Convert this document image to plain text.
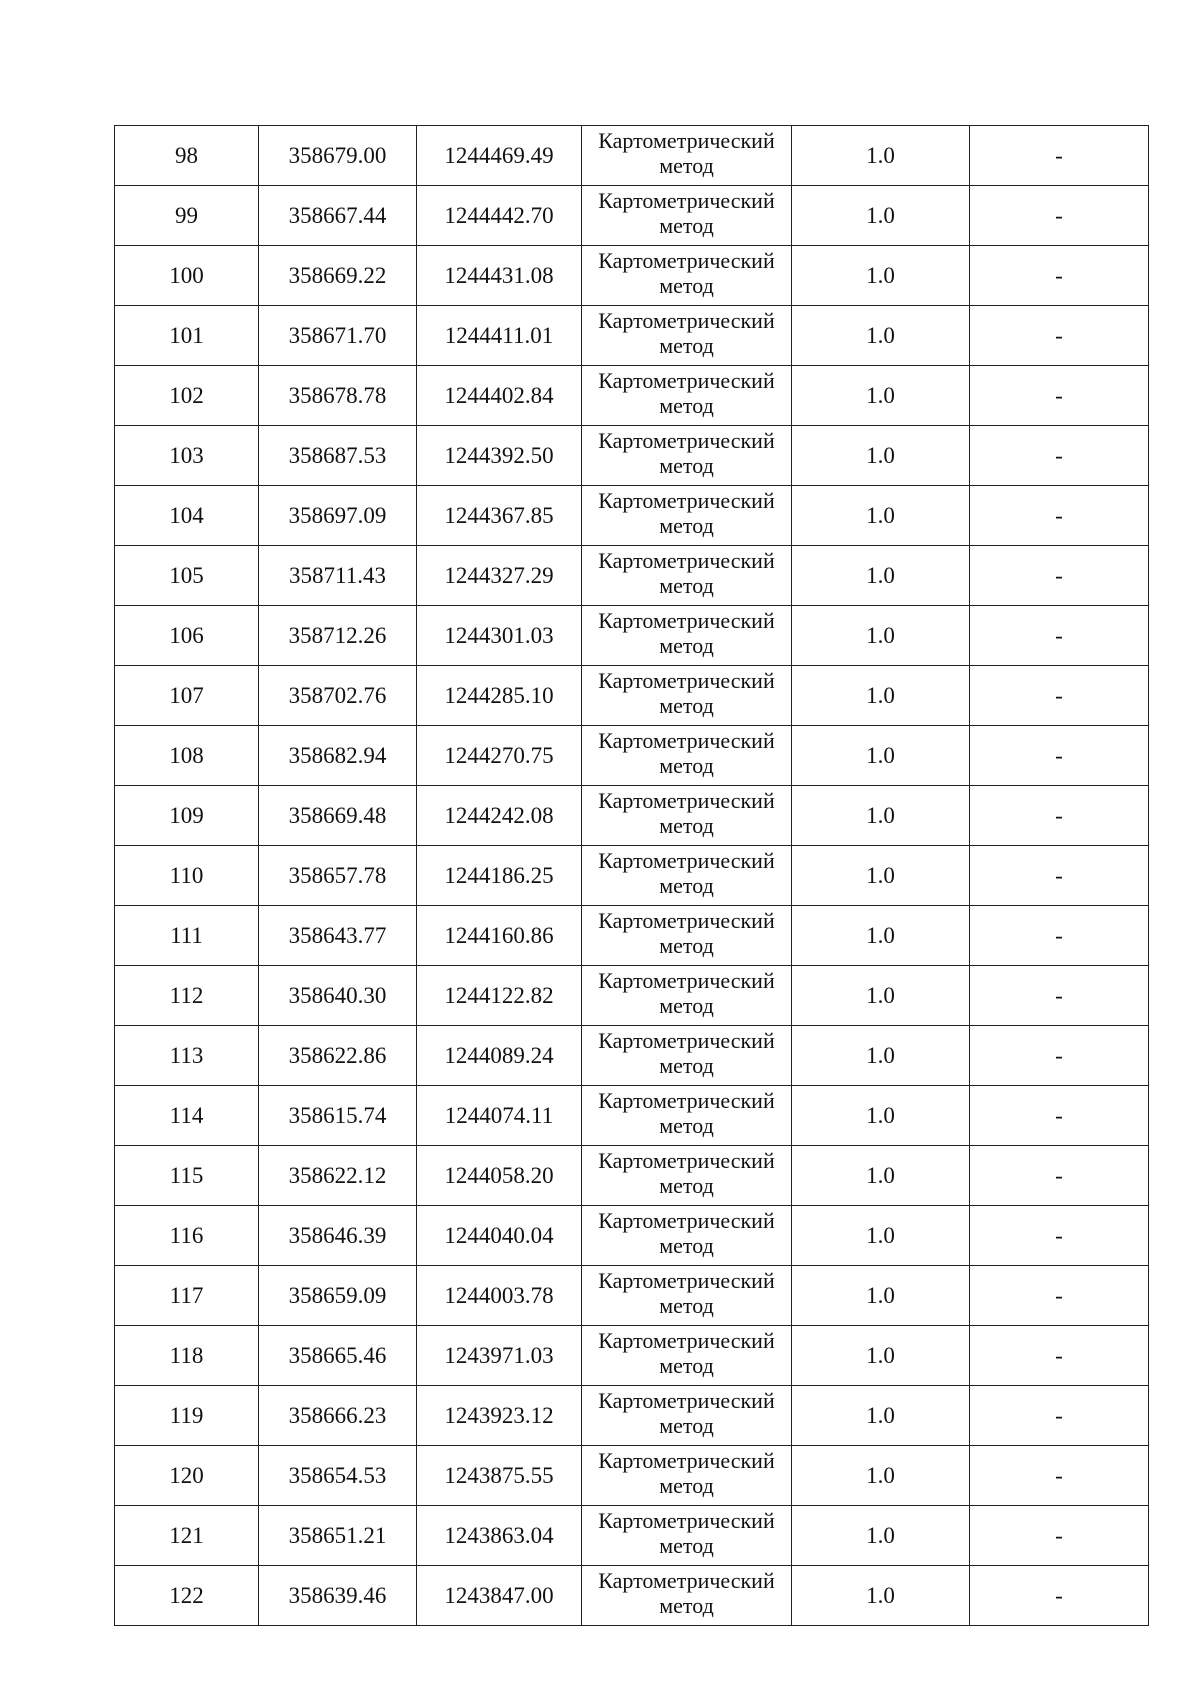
98	358679.00	1244469.49	Картометрический
метод	1.0	-
99	358667.44	1244442.70	Картометрический
метод	1.0	-
100	358669.22	1244431.08	Картометрический
метод	1.0	-
101	358671.70	1244411.01	Картометрический
метод	1.0	-
102	358678.78	1244402.84	Картометрический
метод	1.0	-
103	358687.53	1244392.50	Картометрический
метод	1.0	-
104	358697.09	1244367.85	Картометрический
метод	1.0	-
105	358711.43	1244327.29	Картометрический
метод	1.0	-
106	358712.26	1244301.03	Картометрический
метод	1.0	-
107	358702.76	1244285.10	Картометрический
метод	1.0	-
108	358682.94	1244270.75	Картометрический
метод	1.0	-
109	358669.48	1244242.08	Картометрический
метод	1.0	-
110	358657.78	1244186.25	Картометрический
метод	1.0	-
111	358643.77	1244160.86	Картометрический
метод	1.0	-
112	358640.30	1244122.82	Картометрический
метод	1.0	-
113	358622.86	1244089.24	Картометрический
метод	1.0	-
114	358615.74	1244074.11	Картометрический
метод	1.0	-
115	358622.12	1244058.20	Картометрический
метод	1.0	-
116	358646.39	1244040.04	Картометрический
метод	1.0	-
117	358659.09	1244003.78	Картометрический
метод	1.0	-
118	358665.46	1243971.03	Картометрический
метод	1.0	-
119	358666.23	1243923.12	Картометрический
метод	1.0	-
120	358654.53	1243875.55	Картометрический
метод	1.0	-
121	358651.21	1243863.04	Картометрический
метод	1.0	-
122	358639.46	1243847.00	Картометрический
метод	1.0	-
